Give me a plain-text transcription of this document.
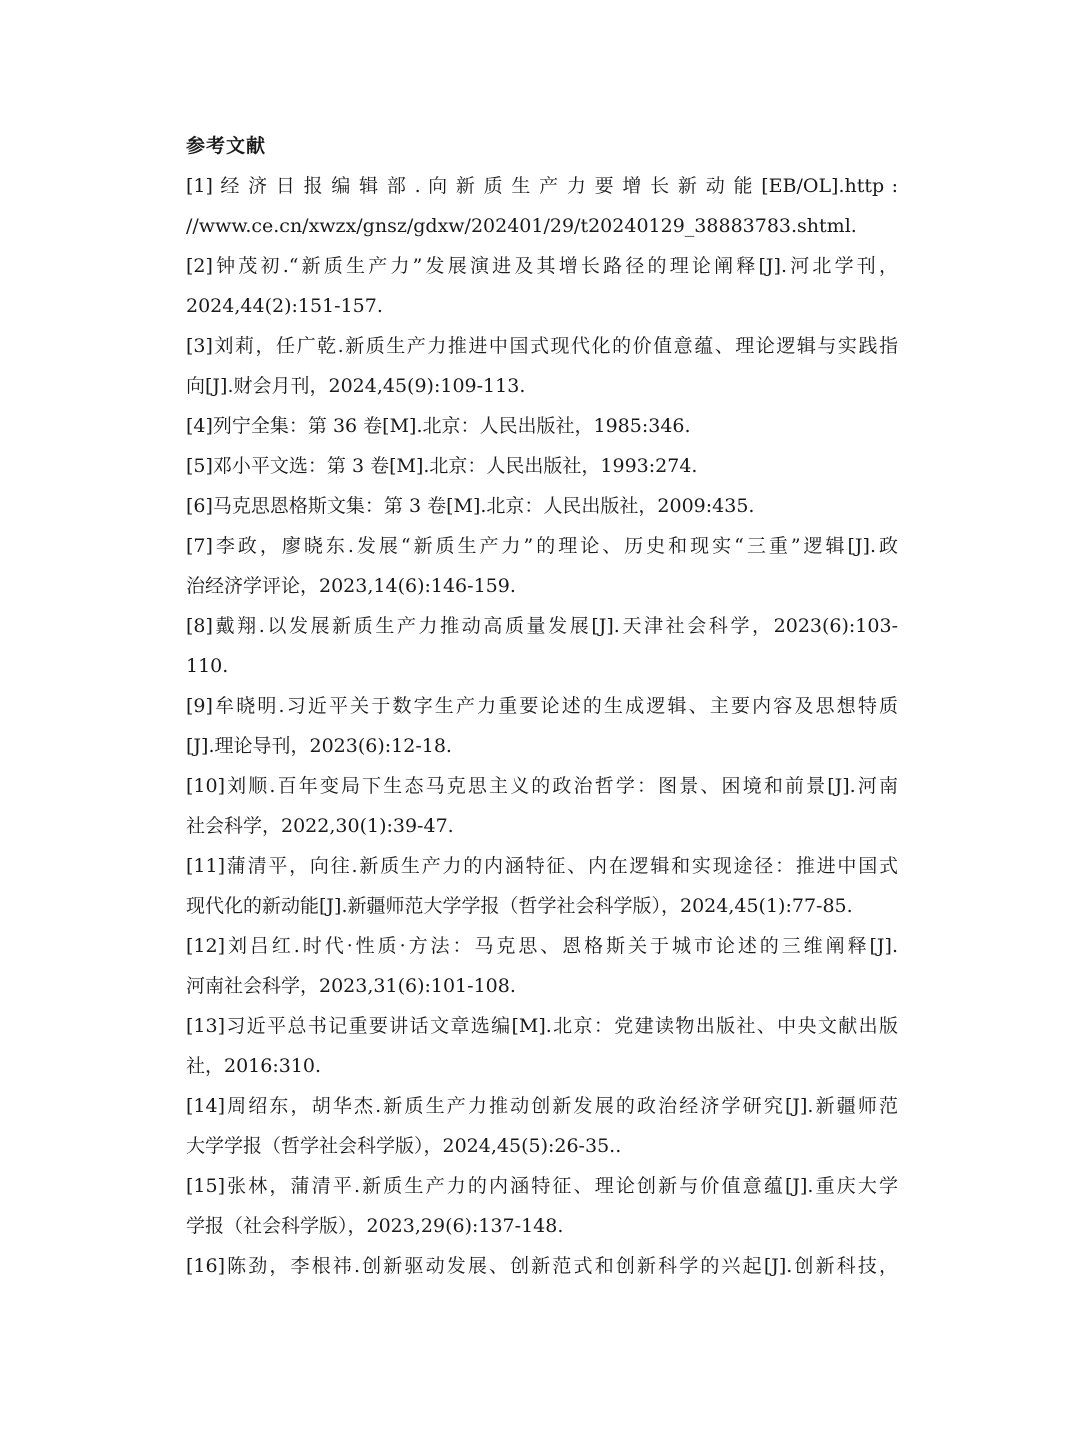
参考文献
[1] 经 济 日 报 编 辑 部 . 向 新 质 生 产 力 要 增 长 新 动 能 [EB/OL].http :
//www.ce.cn/xwzx/gnsz/gdxw/202401/29/t20240129_38883783.shtml.
[2]钟茂初.“新质生产力”发展演进及其增长路径的理论阐释[J].河北学刊，
2024,44(2):151-157.
[3]刘莉，任广乾.新质生产力推进中国式现代化的价值意蕴、理论逻辑与实践指
向[J].财会月刊，2024,45(9):109-113.
[4]列宁全集：第 36 卷[M].北京：人民出版社，1985:346.
[5]邓小平文选：第 3 卷[M].北京：人民出版社，1993:274.
[6]马克思恩格斯文集：第 3 卷[M].北京：人民出版社，2009:435.
[7]李政，廖晓东.发展“新质生产力”的理论、历史和现实“三重”逻辑[J].政
治经济学评论，2023,14(6):146-159.
[8]戴翔.以发展新质生产力推动高质量发展[J].天津社会科学，2023(6):103-
110.
[9]牟晓明.习近平关于数字生产力重要论述的生成逻辑、主要内容及思想特质
[J].理论导刊，2023(6):12-18.
[10]刘顺.百年变局下生态马克思主义的政治哲学：图景、困境和前景[J].河南
社会科学，2022,30(1):39-47.
[11]蒲清平，向往.新质生产力的内涵特征、内在逻辑和实现途径：推进中国式
现代化的新动能[J].新疆师范大学学报（哲学社会科学版），2024,45(1):77-85.
[12]刘吕红.时代·性质·方法：马克思、恩格斯关于城市论述的三维阐释[J].
河南社会科学，2023,31(6):101-108.
[13]习近平总书记重要讲话文章选编[M].北京：党建读物出版社、中央文献出版
社，2016:310.
[14]周绍东，胡华杰.新质生产力推动创新发展的政治经济学研究[J].新疆师范
大学学报（哲学社会科学版），2024,45(5):26-35..
[15]张林，蒲清平.新质生产力的内涵特征、理论创新与价值意蕴[J].重庆大学
学报（社会科学版），2023,29(6):137-148.
[16]陈劲，李根祎.创新驱动发展、创新范式和创新科学的兴起[J].创新科技，
